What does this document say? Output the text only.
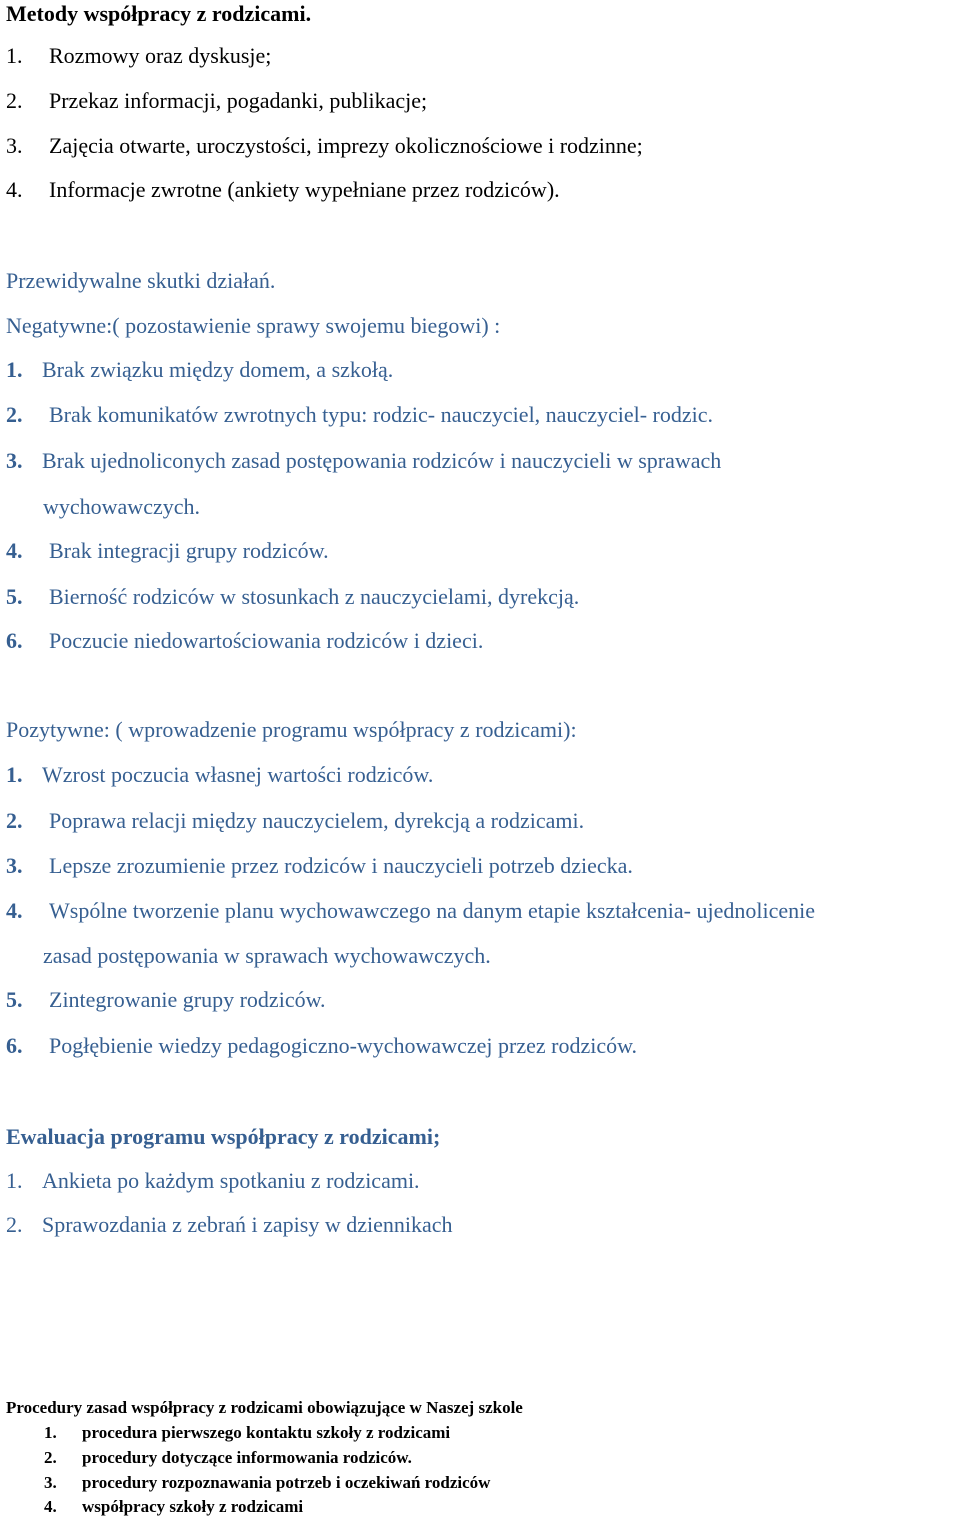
Metody współpracy z rodzicami.
1. Rozmowy oraz dyskusje;
2. Przekaz informacji, pogadanki, publikacje;
3. Zajęcia otwarte, uroczystości, imprezy okolicznościowe i rodzinne;
4. Informacje zwrotne (ankiety wypełniane przez rodziców).
Przewidywalne skutki działań.
Negatywne:( pozostawienie sprawy swojemu biegowi) :
1. Brak związku między domem, a szkołą.
2. Brak komunikatów zwrotnych typu: rodzic- nauczyciel, nauczyciel- rodzic.
3. Brak ujednoliconych zasad postępowania rodziców i nauczycieli w sprawach
wychowawczych.
4. Brak integracji grupy rodziców.
5. Bierność rodziców w stosunkach z nauczycielami, dyrekcją.
6. Poczucie niedowartościowania rodziców i dzieci.
Pozytywne: ( wprowadzenie programu współpracy z rodzicami):
1. Wzrost poczucia własnej wartości rodziców.
2. Poprawa relacji między nauczycielem, dyrekcją a rodzicami.
3. Lepsze zrozumienie przez rodziców i nauczycieli potrzeb dziecka.
4. Wspólne tworzenie planu wychowawczego na danym etapie kształcenia- ujednolicenie
zasad postępowania w sprawach wychowawczych.
5. Zintegrowanie grupy rodziców.
6. Pogłębienie wiedzy pedagogiczno-wychowawczej przez rodziców.
Ewaluacja programu współpracy z rodzicami;
1. Ankieta po każdym spotkaniu z rodzicami.
2. Sprawozdania z zebrań i zapisy w dziennikach
Procedury zasad współpracy z rodzicami obowiązujące w Naszej szkole
1. procedura pierwszego kontaktu szkoły z rodzicami
2. procedury dotyczące informowania rodziców.
3. procedury rozpoznawania potrzeb i oczekiwań rodziców
4. współpracy szkoły z rodzicami
